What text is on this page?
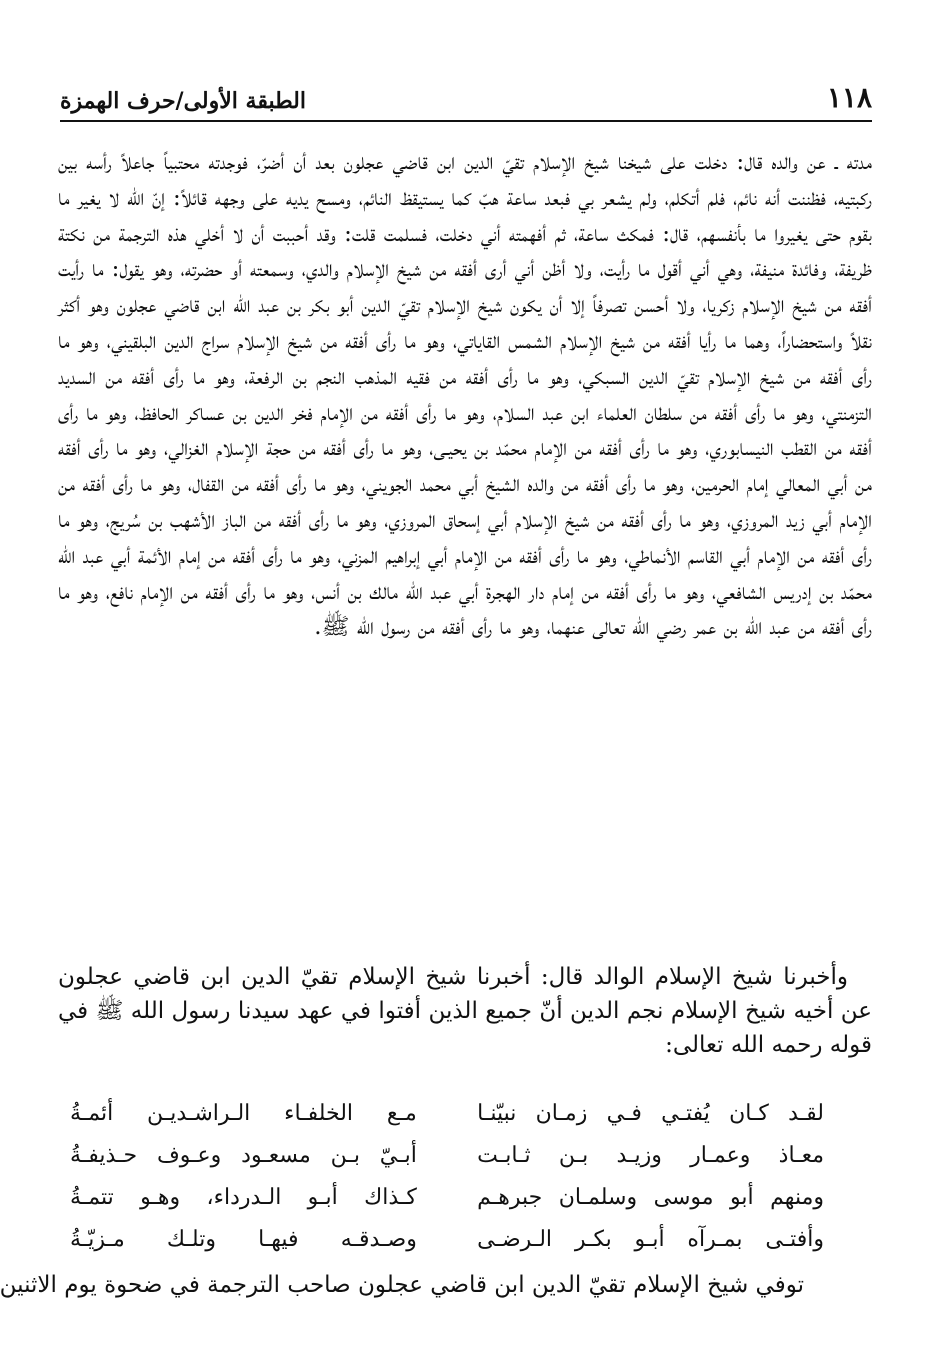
١١٨
الطبقة الأولى/حرف الهمزة

مدته ـ عن والده قال: دخلت على شيخنا شيخ الإسلام تقيّ الدين ابن قاضي عجلون بعد أن أضرّ، فوجدته محتبياً جاعلاً رأسه بين ركبتيه، فظننت أنه نائم، فلم أتكلم، ولم يشعر بي فبعد ساعة هبّ كما يستيقظ النائم، ومسح يديه على وجهه قائلاً: إنّ الله لا يغير ما بقوم حتى يغيروا ما بأنفسهم، قال: فمكث ساعة، ثم أفهمته أني دخلت، فسلمت قلت: وقد أحببت أن لا أخلي هذه الترجمة من نكتة ظريفة، وفائدة منيفة، وهي أني أقول ما رأيت، ولا أظن أني أرى أفقه من شيخ الإسلام والدي، وسمعته أو حضرته، وهو يقول: ما رأيت أفقه من شيخ الإسلام زكريا، ولا أحسن تصرفاً إلا أن يكون شيخ الإسلام تقيّ الدين أبو بكر بن عبد اللّٰه ابن قاضي عجلون وهو أكثر نقلاً واستحضاراً، وهما ما رأيا أفقه من شيخ الإسلام الشمس القاياتي، وهو ما رأى أفقه من شيخ الإسلام سراج الدين البلقيني، وهو ما رأى أفقه من شيخ الإسلام تقيّ الدين السبكي، وهو ما رأى أفقه من فقيه المذهب النجم بن الرفعة، وهو ما رأى أفقه من السديد التزمنتي، وهو ما رأى أفقه من سلطان العلماء ابن عبد السلام، وهو ما رأى أفقه من الإمام فخر الدين بن عساكر الحافظ، وهو ما رأى أفقه من القطب النيسابوري، وهو ما رأى أفقه من الإمام محمّد بن يحيـى، وهو ما رأى أفقه من حجة الإسلام الغزالي، وهو ما رأى أفقه من أبي المعالي إمام الحرمين، وهو ما رأى أفقه من والده الشيخ أبي محمد الجويني، وهو ما رأى أفقه من القفال، وهو ما رأى أفقه من الإمام أبي زيد المروزي، وهو ما رأى أفقه من شيخ الإسلام أبي إسحاق المروزي، وهو ما رأى أفقه من الباز الأشهب بن سُريج، وهو ما رأى أفقه من الإمام أبي القاسم الأنماطي، وهو ما رأى أفقه من الإمام أبي إبراهيم المزني، وهو ما رأى أفقه من إمام الأئمة أبي عبد اللّٰه محمّد بن إدريس الشافعي، وهو ما رأى أفقه من إمام دار الهجرة أبي عبد اللّٰه مالك بن أنس، وهو ما رأى أفقه من الإمام نافع، وهو ما رأى أفقه من عبد اللّٰه بن عمر رضي الله تعالى عنهما، وهو ما رأى أفقه من رسول الله ﷺ.

وأخبرنا شيخ الإسلام الوالد قال: أخبرنا شيخ الإسلام تقيّ الدين ابن قاضي عجلون عن أخيه شيخ الإسلام نجم الدين أنّ جميع الذين أفتوا في عهد سيدنا رسول الله ﷺ في قوله رحمه الله تعالى:

لقـد كـان يُفتـي فـي زمـان نبيّنـا
مـع الخلفـاء الـراشـديـن أئمـةُ
معـاذ وعمـار وزيـد بـن ثـابـت
أبـيّ بـن مسعـود وعـوف حـذيفـةُ
ومنهم أبو موسى وسلمـان جبرهـم
كـذاك أبـو الـدرداء، وهـو تتمـةُ
وأفتـى بمـرآه أبـو بكـر الـرضـى
وصـدقـه فيهـا وتلـك مـزيّـةُ
توفي شيخ الإسلام تقيّ الدين ابن قاضي عجلون صاحب الترجمة في ضحوة يوم الاثنين
